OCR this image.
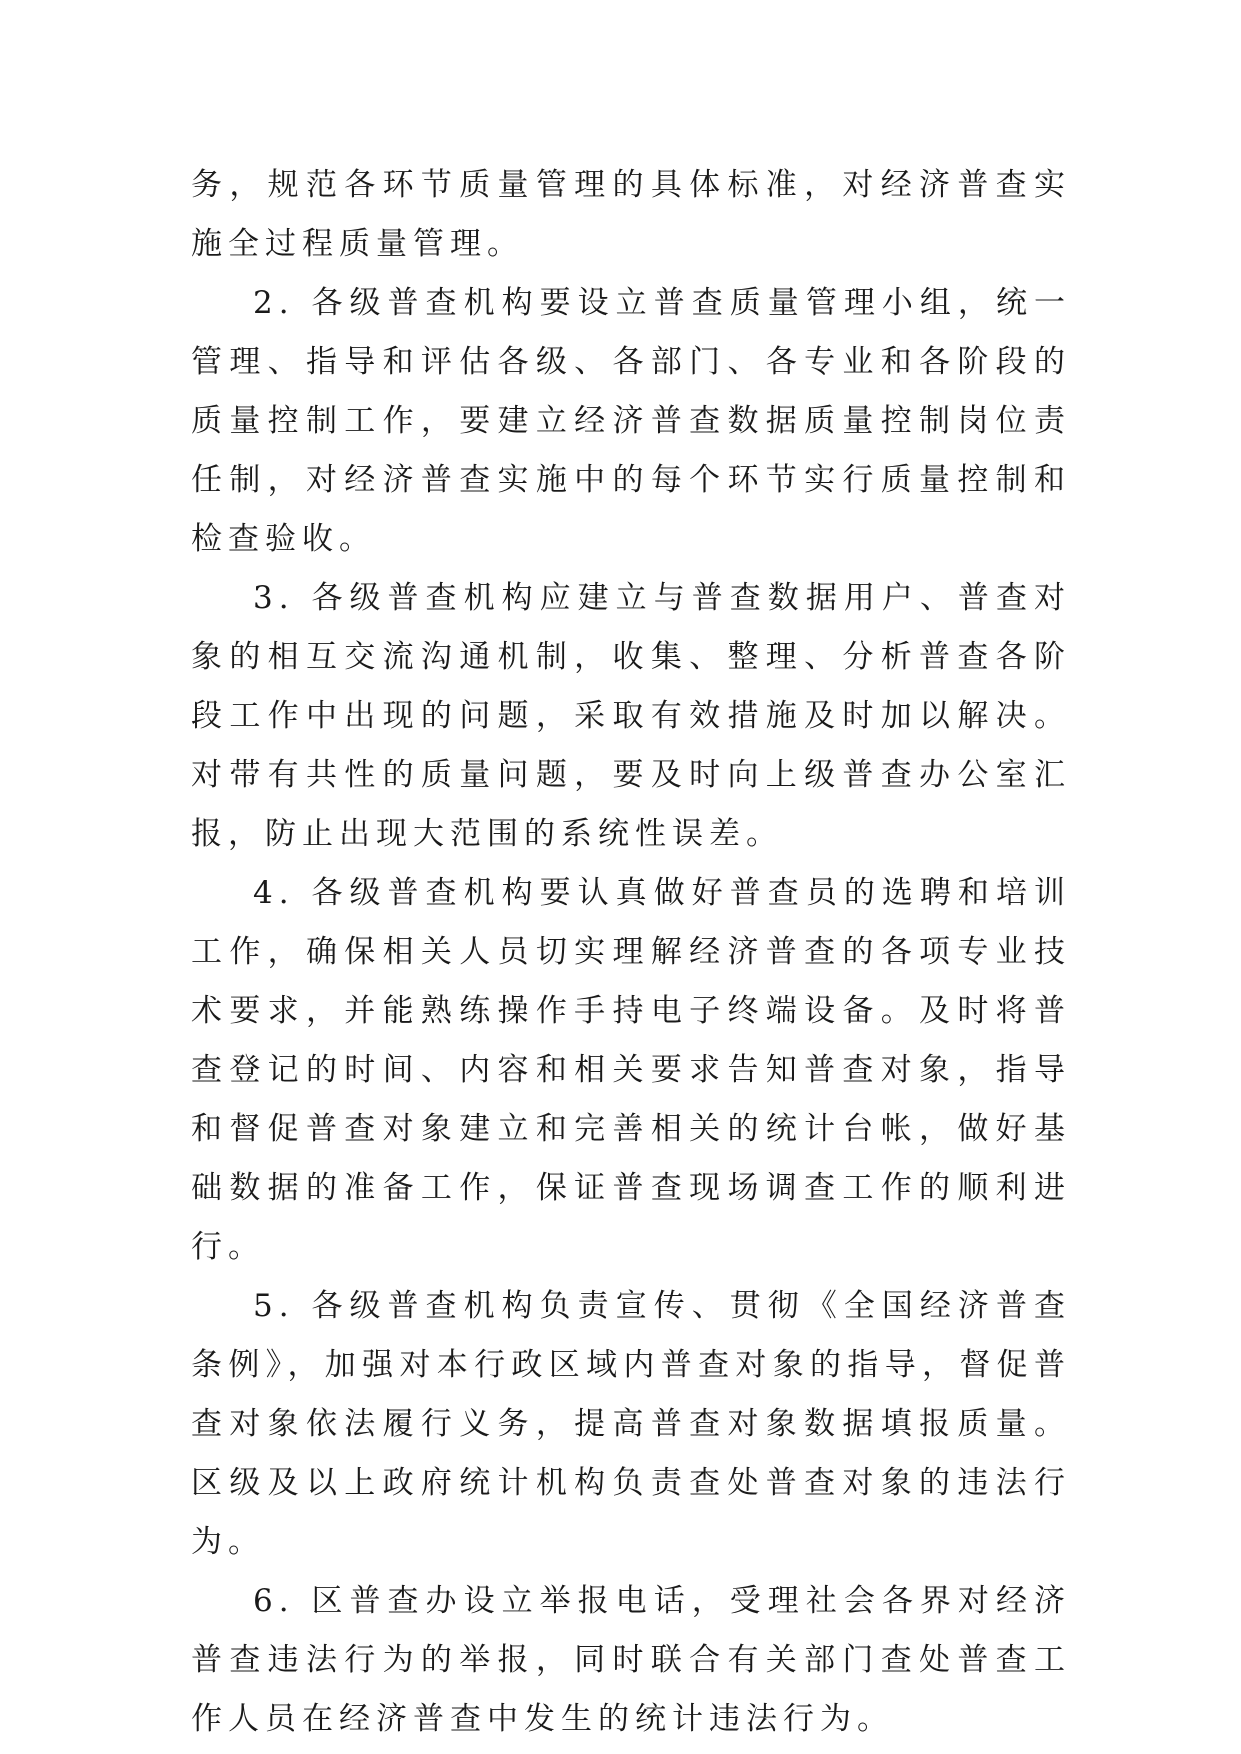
务，规范各环节质量管理的具体标准，对经济普查实施全过程质量管理。

2. 各级普查机构要设立普查质量管理小组，统一管理、指导和评估各级、各部门、各专业和各阶段的质量控制工作，要建立经济普查数据质量控制岗位责任制，对经济普查实施中的每个环节实行质量控制和检查验收。

3. 各级普查机构应建立与普查数据用户、普查对象的相互交流沟通机制，收集、整理、分析普查各阶段工作中出现的问题，采取有效措施及时加以解决。对带有共性的质量问题，要及时向上级普查办公室汇报，防止出现大范围的系统性误差。

4. 各级普查机构要认真做好普查员的选聘和培训工作，确保相关人员切实理解经济普查的各项专业技术要求，并能熟练操作手持电子终端设备。及时将普查登记的时间、内容和相关要求告知普查对象，指导和督促普查对象建立和完善相关的统计台帐，做好基础数据的准备工作，保证普查现场调查工作的顺利进行。

5. 各级普查机构负责宣传、贯彻《全国经济普查条例》，加强对本行政区域内普查对象的指导，督促普查对象依法履行义务，提高普查对象数据填报质量。区级及以上政府统计机构负责查处普查对象的违法行为。

6. 区普查办设立举报电话，受理社会各界对经济普查违法行为的举报，同时联合有关部门查处普查工作人员在经济普查中发生的统计违法行为。
